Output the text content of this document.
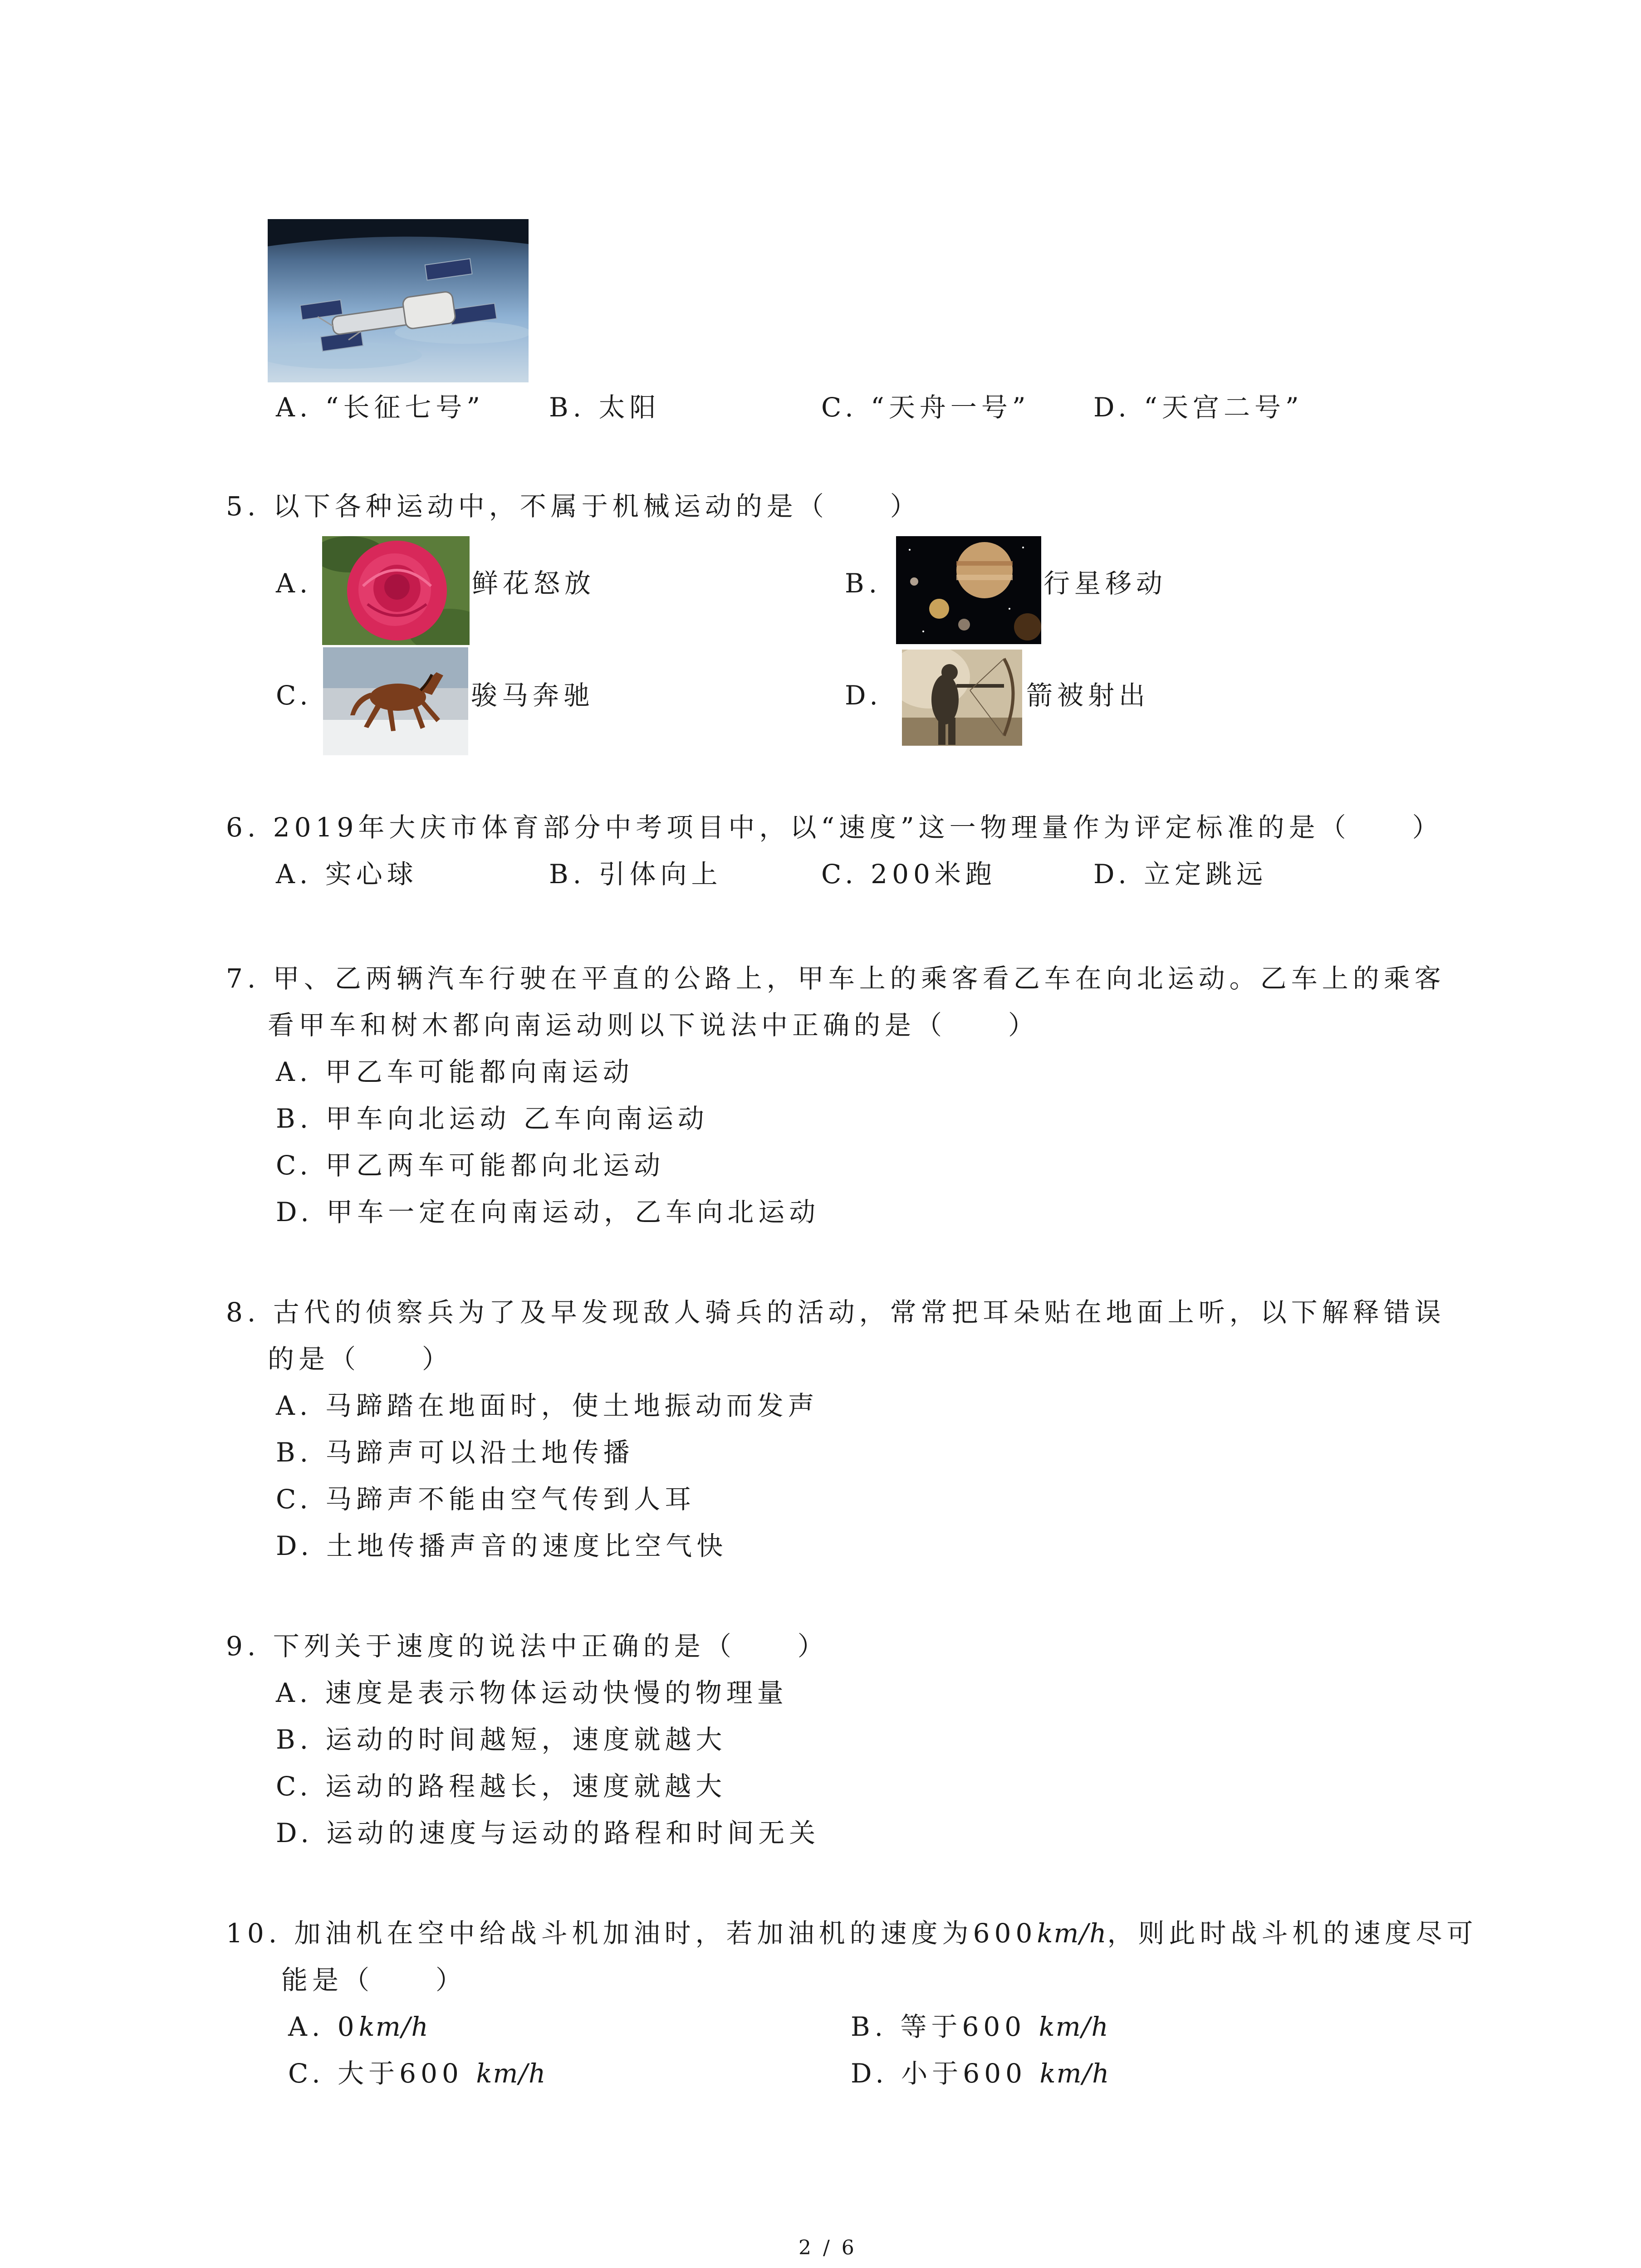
A. “长征七号” B. 太阳	C. “天舟一号” D. “天宫二号”
5. 以下各种运动中，不属于机械运动的是（　　）
A.	鲜花怒放	B.	行星移动
C.	骏马奔驰	D.	箭被射出
6. 2019年大庆市体育部分中考项目中，以“速度”这一物理量作为评定标准的是（　　）
A. 实心球	B. 引体向上	C. 200米跑	D. 立定跳远
7. 甲、乙两辆汽车行驶在平直的公路上，甲车上的乘客看乙车在向北运动。乙车上的乘客
看甲车和树木都向南运动则以下说法中正确的是（　　）
A. 甲乙车可能都向南运动
B. 甲车向北运动 乙车向南运动
C. 甲乙两车可能都向北运动
D. 甲车一定在向南运动，乙车向北运动
8. 古代的侦察兵为了及早发现敌人骑兵的活动，常常把耳朵贴在地面上听，以下解释错误
的是（　　）
A. 马蹄踏在地面时，使土地振动而发声
B. 马蹄声可以沿土地传播
C. 马蹄声不能由空气传到人耳
D. 土地传播声音的速度比空气快
9. 下列关于速度的说法中正确的是（　　）
A. 速度是表示物体运动快慢的物理量
B. 运动的时间越短，速度就越大
C. 运动的路程越长，速度就越大
D. 运动的速度与运动的路程和时间无关
10. 加油机在空中给战斗机加油时，若加油机的速度为600km/h，则此时战斗机的速度尽可
能是（　　）
A. 0km/h	B. 等于600 km/h
C. 大于600 km/h	D. 小于600 km/h
2 / 6
